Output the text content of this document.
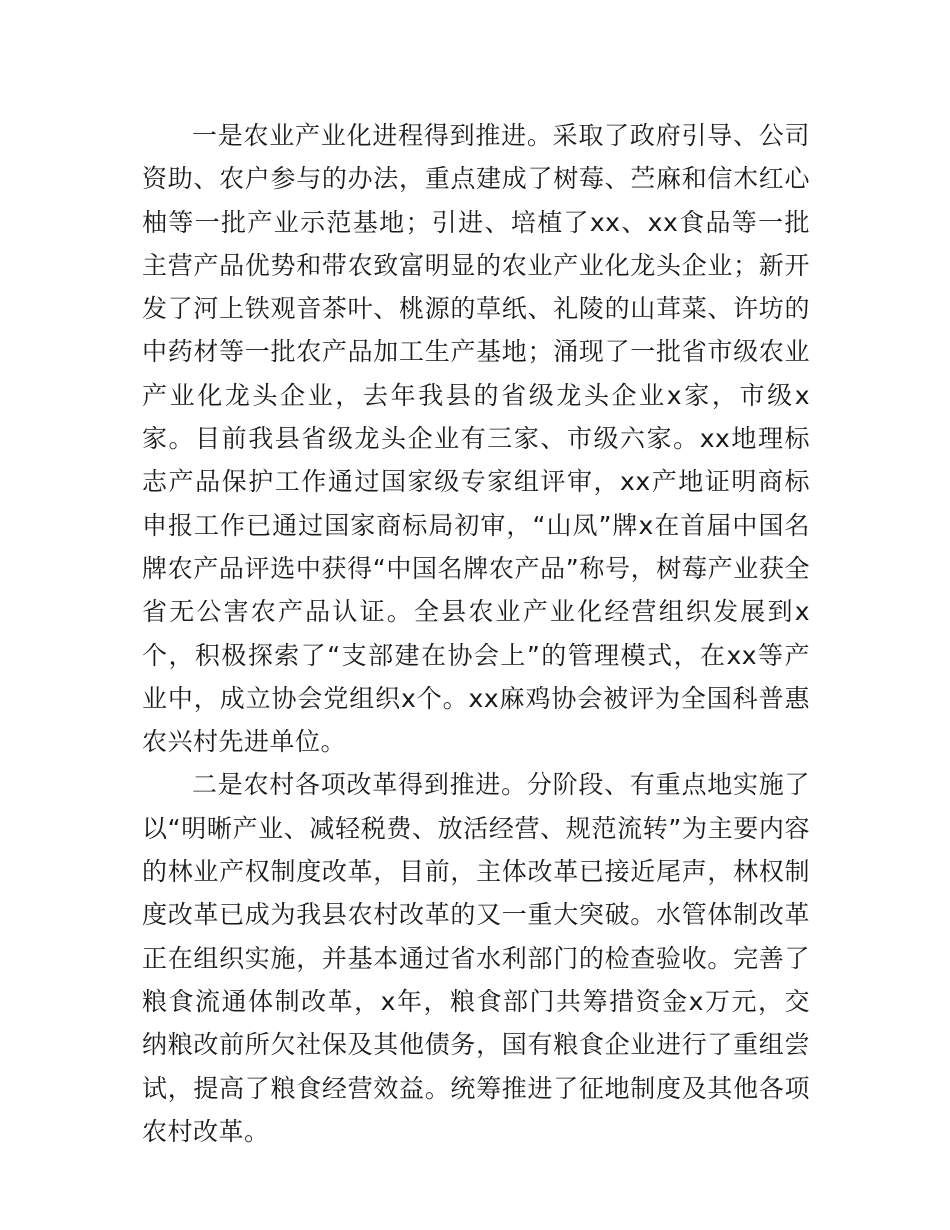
一是农业产业化进程得到推进。采取了政府引导、公司资助、农户参与的办法，重点建成了树莓、苎麻和信木红心柚等一批产业示范基地；引进、培植了xx、xx食品等一批主营产品优势和带农致富明显的农业产业化龙头企业；新开发了河上铁观音茶叶、桃源的草纸、礼陵的山茸菜、许坊的中药材等一批农产品加工生产基地；涌现了一批省市级农业产业化龙头企业，去年我县的省级龙头企业x家，市级x家。目前我县省级龙头企业有三家、市级六家。xx地理标志产品保护工作通过国家级专家组评审，xx产地证明商标申报工作已通过国家商标局初审，“山凤”牌x在首届中国名牌农产品评选中获得“中国名牌农产品”称号，树莓产业获全省无公害农产品认证。全县农业产业化经营组织发展到x个，积极探索了“支部建在协会上”的管理模式，在xx等产业中，成立协会党组织x个。xx麻鸡协会被评为全国科普惠农兴村先进单位。

二是农村各项改革得到推进。分阶段、有重点地实施了以“明晰产业、减轻税费、放活经营、规范流转”为主要内容的林业产权制度改革，目前，主体改革已接近尾声，林权制度改革已成为我县农村改革的又一重大突破。水管体制改革正在组织实施，并基本通过省水利部门的检查验收。完善了粮食流通体制改革，x年，粮食部门共筹措资金x万元，交纳粮改前所欠社保及其他债务，国有粮食企业进行了重组尝试，提高了粮食经营效益。统筹推进了征地制度及其他各项农村改革。
